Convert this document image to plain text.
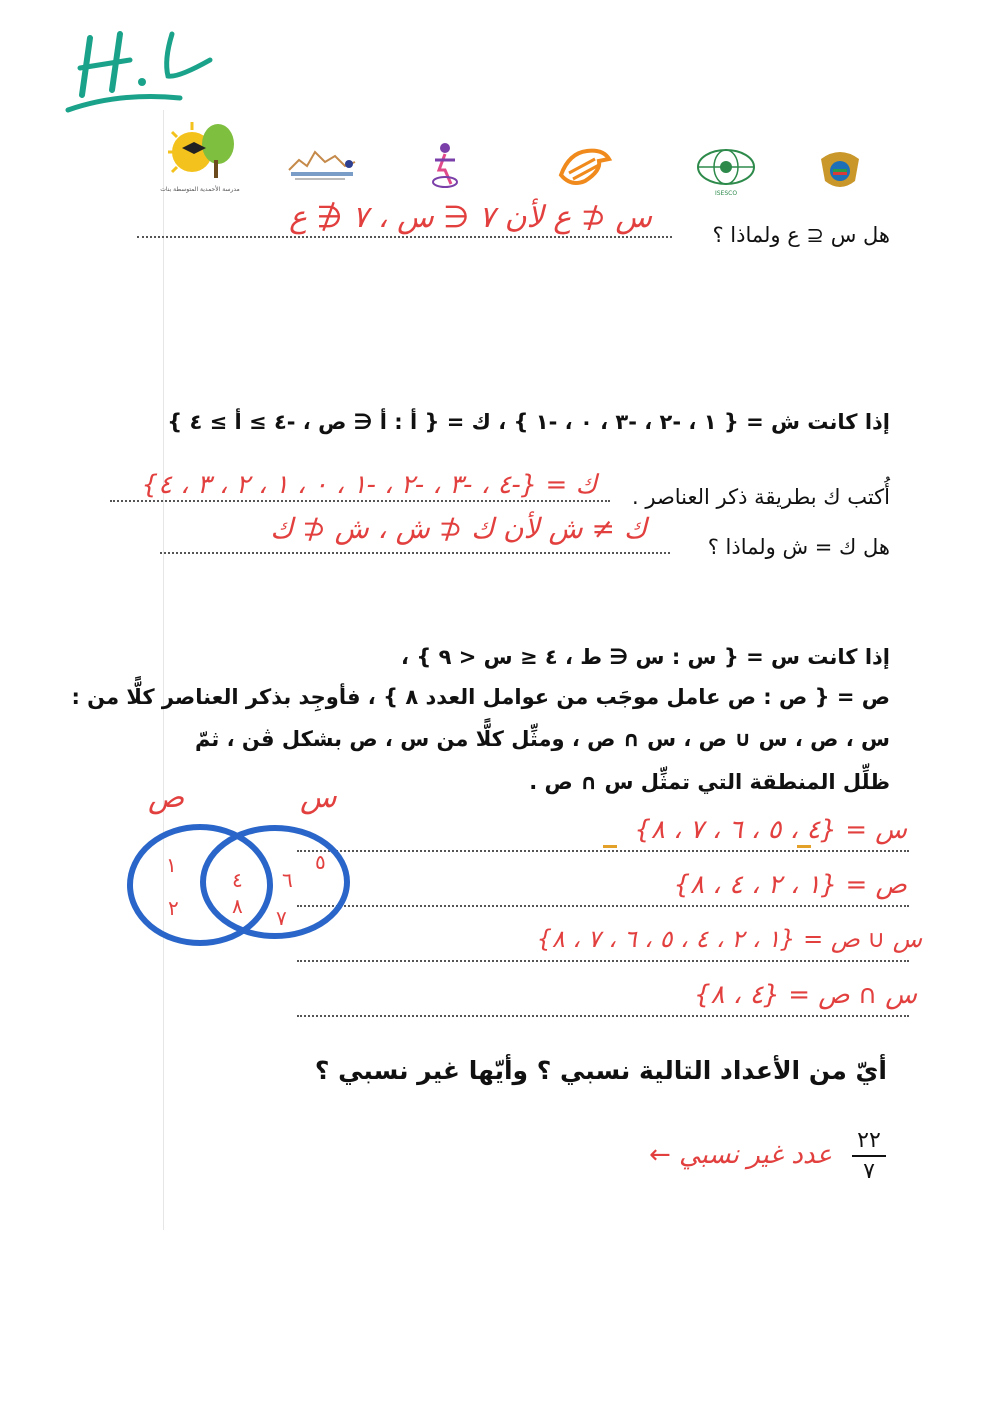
مدرسة الأحمدية المتوسطة بنات
ISESCO
هل س ⊆ ع ولماذا ؟
س ⊄ ع لأن ٧ ∈ س ، ٧ ∉ ع
إذا كانت ش = { ١ ، -٢ ، -٣ ، ٠ ، -١ } ، ك = { أ : أ ∈ ص ، -٤ ≥ أ ≥ ٤ }
أُكتب ك بطريقة ذكر العناصر .
ك = {-٤ ، -٣ ، -٢ ، -١ ، ٠ ، ١ ، ٢ ، ٣ ، ٤}
هل ك = ش ولماذا ؟
ك ≠ ش لأن ك ⊄ ش ، ش ⊄ ك
إذا كانت س = { س : س ∈ ط ، ٤ ≤ س < ٩ } ،
ص = { ص : ص عامل موجَب من عوامل العدد ٨ } ، فأوجِد بذكر العناصر كلًّا من :
س ، ص ، س ∪ ص ، س ∩ ص ، ومثِّل كلًّا من س ، ص بشكل ڤن ، ثمّ
ظلِّل المنطقة التي تمثِّل س ∩ ص .
س = {٤ ، ٥ ، ٦ ، ٧ ، ٨}
ص = {١ ، ٢ ، ٤ ، ٨}
س ∪ ص = {١ ، ٢ ، ٤ ، ٥ ، ٦ ، ٧ ، ٨}
س ∩ ص = {٤ ، ٨}
ص	س
١
٢
٤
٨
٥
٦
٧
أيّ من الأعداد التالية نسبي ؟ وأيّها غير نسبي ؟
٢٢
٧
عدد غير نسبي ←
